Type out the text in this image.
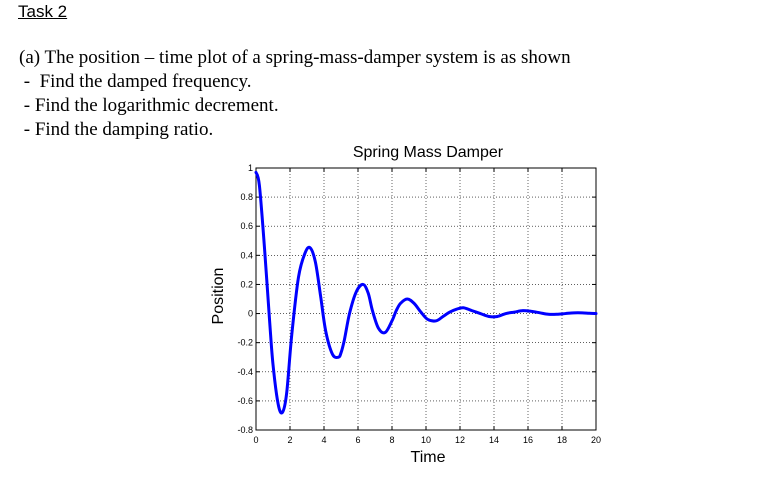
Task 2
(a) The position – time plot of a spring-mass-damper system is as shown
-  Find the damped frequency.
- Find the logarithmic decrement.
- Find the damping ratio.
Spring Mass Damper
Time
Position
0	2	4	6	8	10	12	14	16	18	20
-0.8
-0.6
-0.4
-0.2
0
0.2
0.4
0.6
0.8
1
